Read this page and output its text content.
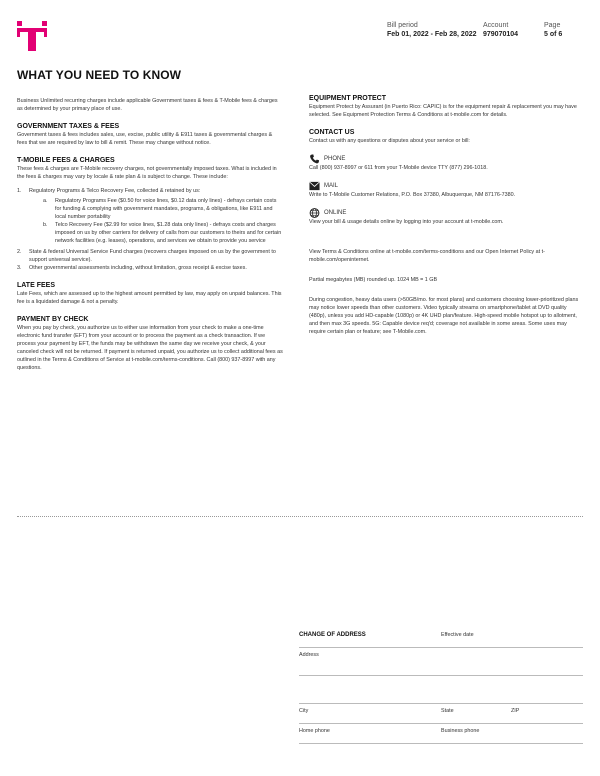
Bill period
Feb 01, 2022 - Feb 28, 2022
Account
979070104
Page
5 of 6
WHAT YOU NEED TO KNOW
Business Unlimited recurring charges include applicable Government taxes & fees & T-Mobile fees & charges as determined by your primary place of use.
GOVERNMENT TAXES & FEES
Government taxes & fees includes sales, use, excise, public utility & E911 taxes & governmental charges & fees that we are required by law to bill & remit. These may change without notice.
T-MOBILE FEES & CHARGES
These fees & charges are T-Mobile recovery charges, not governmentally imposed taxes. What is included in the fees & charges may vary by locale & rate plan & is subject to change. These include:
1. Regulatory Programs & Telco Recovery Fee, collected & retained by us:
a. Regulatory Programs Fee ($0.50 for voice lines, $0.12 data only lines) - defrays certain costs for funding & complying with government mandates, programs, & obligations, like E911 and local number portability
b. Telco Recovery Fee ($2.99 for voice lines, $1.28 data only lines) - defrays costs and charges imposed on us by other carriers for delivery of calls from our customers to theirs and for certain network facilities (e.g. leases), operations, and services we obtain to provide you service
2. State & federal Universal Service Fund charges (recovers charges imposed on us by the government to support universal service).
3. Other governmental assessments including, without limitation, gross receipt & excise taxes.
LATE FEES
Late Fees, which are assessed up to the highest amount permitted by law, may apply on unpaid balances. This fee is a liquidated damage & not a penalty.
PAYMENT BY CHECK
When you pay by check, you authorize us to either use information from your check to make a one-time electronic fund transfer (EFT) from your account or to process the payment as a check transaction. If we process your payment by EFT, the funds may be withdrawn the same day we receive your check, & your canceled check will not be returned. If payment is returned unpaid, you authorize us to collect additional fees as outlined in the Terms & Conditions of Service at t-mobile.com/terms-conditions. Call (800) 937-8997 with any questions.
EQUIPMENT PROTECT
Equipment Protect by Assurant (in Puerto Rico: CAPIC) is for the equipment repair & replacement you may have selected. See Equipment Protection Terms & Conditions at t-mobile.com for details.
CONTACT US
Contact us with any questions or disputes about your service or bill:
PHONE
Call (800) 937-8997 or 611 from your T-Mobile device TTY (877) 296-1018.
MAIL
Write to T-Mobile Customer Relations, P.O. Box 37380, Albuquerque, NM 87176-7380.
ONLINE
View your bill & usage details online by logging into your account at t-mobile.com.
View Terms & Conditions online at t-mobile.com/terms-conditions and our Open Internet Policy at t-mobile.com/openinternet.
Partial megabytes (MB) rounded up. 1024 MB = 1 GB
During congestion, heavy data users (>50GB/mo. for most plans) and customers choosing lower-prioritized plans may notice lower speeds than other customers. Video typically streams on smartphone/tablet at DVD quality (480p), unless you add HD-capable (1080p) or 4K UHD plan/feature. High-speed mobile hotspot up to allotment, and then max 3G speeds. 5G: Capable device req'd; coverage not available in some areas. Some uses may require certain plan or feature; see T-Mobile.com.
CHANGE OF ADDRESS	Effective date
Address
City	State	ZIP
Home phone	Business phone
